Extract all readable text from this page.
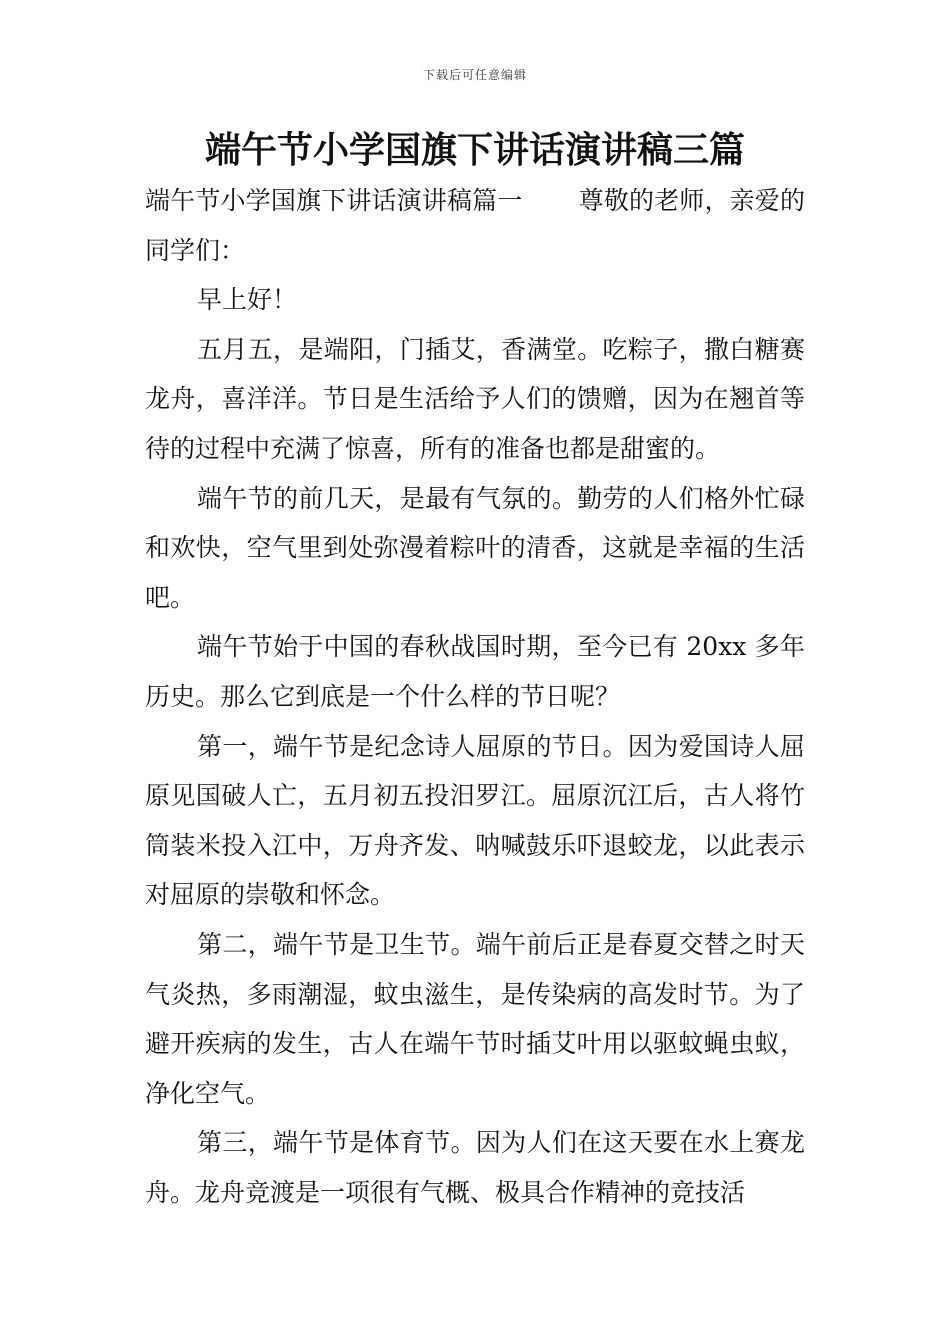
下载后可任意编辑
端午节小学国旗下讲话演讲稿三篇

端午节小学国旗下讲话演讲稿篇一 尊敬的老师，亲爱的同学们：

早上好！

五月五，是端阳，门插艾，香满堂。吃粽子，撒白糖赛龙舟，喜洋洋。节日是生活给予人们的馈赠，因为在翘首等待的过程中充满了惊喜，所有的准备也都是甜蜜的。

端午节的前几天，是最有气氛的。勤劳的人们格外忙碌和欢快，空气里到处弥漫着粽叶的清香，这就是幸福的生活吧。

端午节始于中国的春秋战国时期，至今已有 20xx 多年历史。那么它到底是一个什么样的节日呢？

第一，端午节是纪念诗人屈原的节日。因为爱国诗人屈原见国破人亡，五月初五投汨罗江。屈原沉江后，古人将竹筒装米投入江中，万舟齐发、呐喊鼓乐吓退蛟龙，以此表示对屈原的崇敬和怀念。

第二，端午节是卫生节。端午前后正是春夏交替之时天气炎热，多雨潮湿，蚊虫滋生，是传染病的高发时节。为了避开疾病的发生，古人在端午节时插艾叶用以驱蚊蝇虫蚁，净化空气。

第三，端午节是体育节。因为人们在这天要在水上赛龙舟。龙舟竞渡是一项很有气概、极具合作精神的竞技活
